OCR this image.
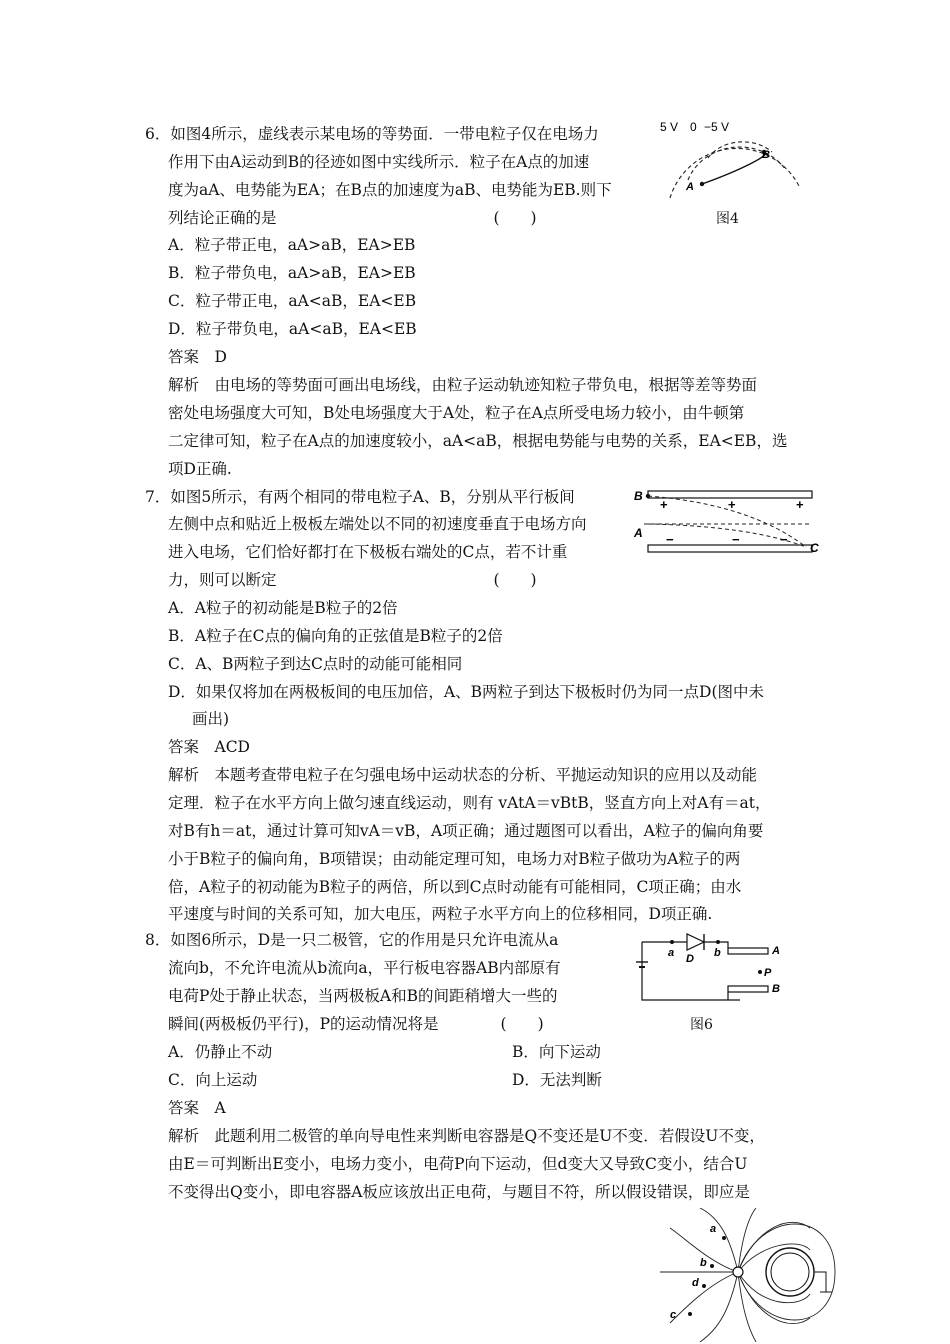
6．如图4所示，虚线表示某电场的等势面．一带电粒子仅在电场力
作用下由A运动到B的径迹如图中实线所示．粒子在A点的加速
度为aA、电势能为EA；在B点的加速度为aB、电势能为EB.则下
列结论正确的是　　　　　　　　　　　　　　(　　)
A．粒子带正电，aA>aB，EA>EB
B．粒子带负电，aA>aB，EA>EB
C．粒子带正电，aA<aB，EA<EB
D．粒子带负电，aA<aB，EA<EB
答案　D
解析　由电场的等势面可画出电场线，由粒子运动轨迹知粒子带负电，根据等差等势面
密处电场强度大可知，B处电场强度大于A处，粒子在A点所受电场力较小，由牛顿第
二定律可知，粒子在A点的加速度较小，aA<aB，根据电势能与电势的关系，EA<EB，选
项D正确.
5 V 0 −5 V
B
A
图4
7．如图5所示，有两个相同的带电粒子A、B，分别从平行板间
左侧中点和贴近上极板左端处以不同的初速度垂直于电场方向
进入电场，它们恰好都打在下极板右端处的C点，若不计重
力，则可以断定　　　　　　　　　　　　　　(　　)
A．A粒子的初动能是B粒子的2倍
B．A粒子在C点的偏向角的正弦值是B粒子的2倍
C．A、B两粒子到达C点时的动能可能相同
D．如果仅将加在两极板间的电压加倍，A、B两粒子到达下极板时仍为同一点D(图中未
画出)
答案　ACD
解析　本题考查带电粒子在匀强电场中运动状态的分析、平抛运动知识的应用以及动能
定理．粒子在水平方向上做匀速直线运动，则有 vAtA＝vBtB，竖直方向上对A有＝at，
对B有h＝at，通过计算可知vA＝vB，A项正确；通过题图可以看出，A粒子的偏向角要
小于B粒子的偏向角，B项错误；由动能定理可知，电场力对B粒子做功为A粒子的两
倍，A粒子的初动能为B粒子的两倍，所以到C点时动能有可能相同，C项正确；由水
平速度与时间的关系可知，加大电压，两粒子水平方向上的位移相同，D项正确.
B
A
C
+	+	+
−	−	−
8．如图6所示，D是一只二极管，它的作用是只允许电流从a
流向b，不允许电流从b流向a，平行板电容器AB内部原有
电荷P处于静止状态，当两极板A和B的间距稍增大一些的
瞬间(两极板仍平行)，P的运动情况将是　　　　(　　)
A．仍静止不动	B．向下运动
C．向上运动	D．无法判断
答案　A
解析　此题利用二极管的单向导电性来判断电容器是Q不变还是U不变．若假设U不变，
由E＝可判断出E变小，电场力变小，电荷P向下运动，但d变大又导致C变小，结合U
不变得出Q变小，即电容器A板应该放出正电荷，与题目不符，所以假设错误，即应是
a D b	A
P
B
图6
a
b
d
c
